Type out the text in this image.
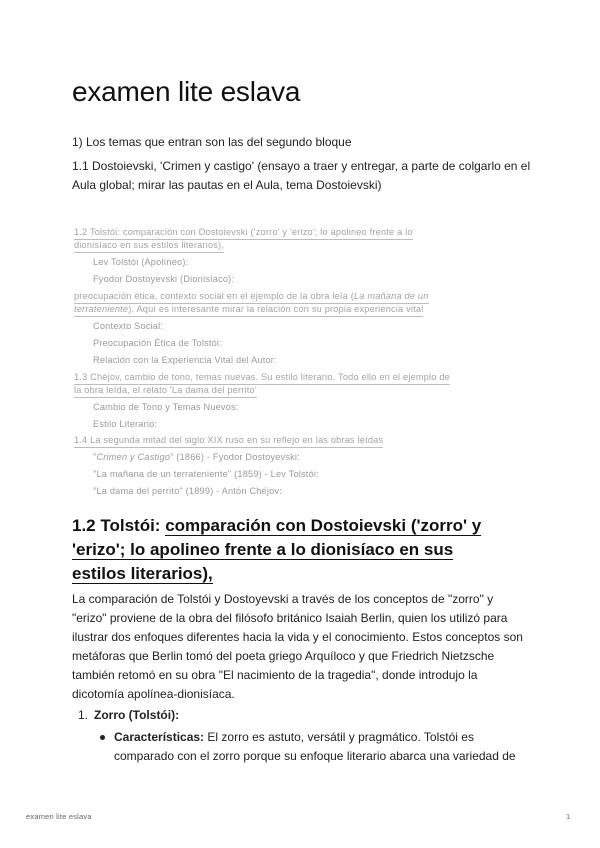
examen lite eslava

1) Los temas que entran son las del segundo bloque

1.1 Dostoievski, 'Crimen y castigo' (ensayo a traer y entregar, a parte de colgarlo en el Aula global; mirar las pautas en el Aula, tema Dostoievski)

1.2 Tolstói: comparación con Dostoievski ('zorro' y 'erizo'; lo apolineo frente a lo
dionisíaco en sus estilos literarios),
Lev Tolstói (Apolíneo):
Fyodor Dostoyevski (Dionisíaco):
preocupación ética, contexto social en el ejemplo de la obra leía (La mañana de un
terrateniente). Aquí es interesante mirar la relación con su propia experiencia vital
Contexto Social:
Preocupación Ética de Tolstói:
Relación con la Experiencia Vital del Autor:
1.3 Chéjov, cambio de tono, temas nuevas. Su estilo literario. Todo ello en el ejemplo de
la obra leída, el relato 'La dama del perrito'
Cambio de Tono y Temas Nuevos:
Estilo Literario:
1.4 La segunda mitad del siglo XIX ruso en su reflejo en las obras leídas
"Crimen y Castigo" (1866) - Fyodor Dostoyevski:
"La mañana de un terrateniente" (1859) - Lev Tolstói:
"La dama del perrito" (1899) - Antón Chéjov:
1.2 Tolstói: comparación con Dostoievski ('zorro' y
'erizo'; lo apolineo frente a lo dionisíaco en sus
estilos literarios),

La comparación de Tolstói y Dostoyevski a través de los conceptos de "zorro" y "erizo" proviene de la obra del filósofo británico Isaiah Berlin, quien los utilizó para ilustrar dos enfoques diferentes hacia la vida y el conocimiento. Estos conceptos son metáforas que Berlin tomó del poeta griego Arquíloco y que Friedrich Nietzsche también retomó en su obra "El nacimiento de la tragedia", donde introdujo la dicotomía apolínea-dionisíaca.

1. Zorro (Tolstói):
Características: El zorro es astuto, versátil y pragmático. Tolstói es comparado con el zorro porque su enfoque literario abarca una variedad de
examen lite eslava	1
